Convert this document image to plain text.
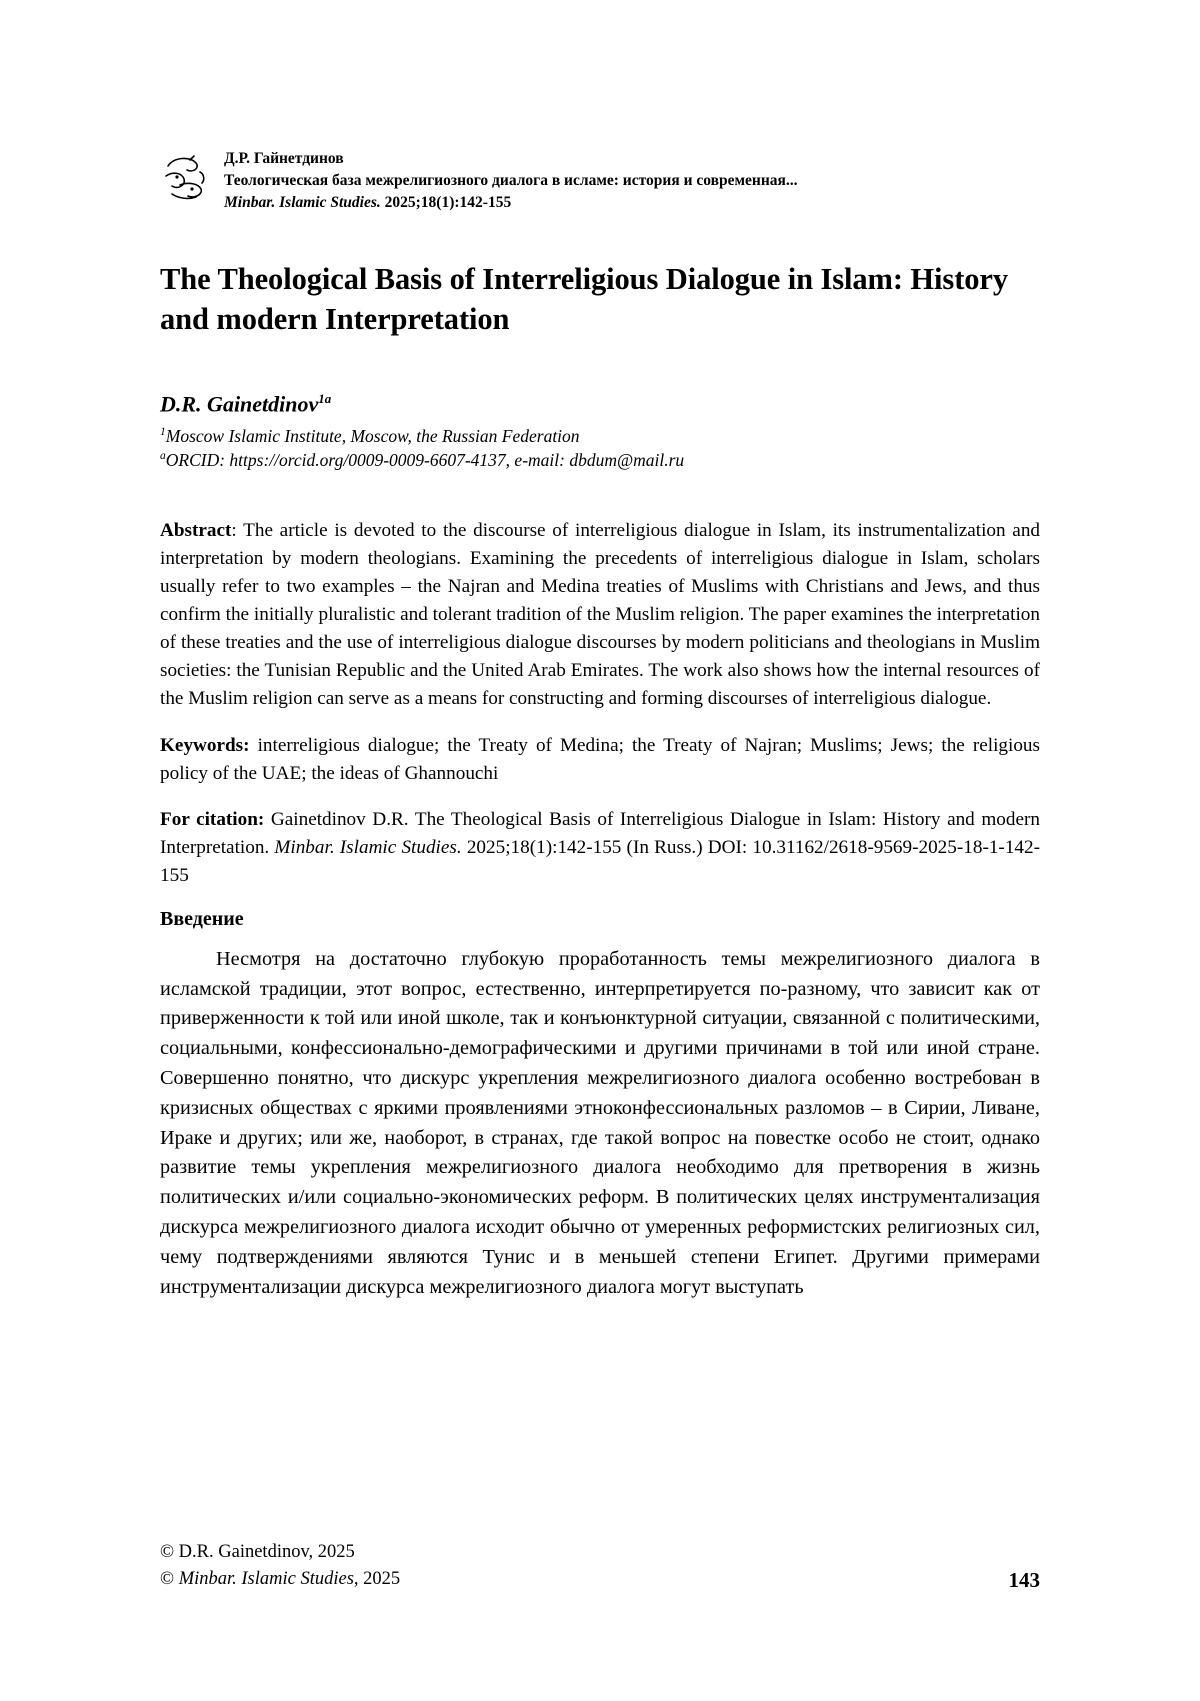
Д.Р. Гайнетдинов
Теологическая база межрелигиозного диалога в исламе: история и современная...
Minbar. Islamic Studies. 2025;18(1):142-155
The Theological Basis of Interreligious Dialogue in Islam: History and modern Interpretation
D.R. Gainetdinov$^{1a}$
$^1$Moscow Islamic Institute, Moscow, the Russian Federation
$^a$ORCID: https://orcid.org/0009-0009-6607-4137, e-mail: dbdum@mail.ru

Abstract: The article is devoted to the discourse of interreligious dialogue in Islam, its instrumentalization and interpretation by modern theologians. Examining the precedents of interreligious dialogue in Islam, scholars usually refer to two examples – the Najran and Medina treaties of Muslims with Christians and Jews, and thus confirm the initially pluralistic and tolerant tradition of the Muslim religion. The paper examines the interpretation of these treaties and the use of interreligious dialogue discourses by modern politicians and theologians in Muslim societies: the Tunisian Republic and the United Arab Emirates. The work also shows how the internal resources of the Muslim religion can serve as a means for constructing and forming discourses of interreligious dialogue.

Keywords: interreligious dialogue; the Treaty of Medina; the Treaty of Najran; Muslims; Jews; the religious policy of the UAE; the ideas of Ghannouchi

For citation: Gainetdinov D.R. The Theological Basis of Interreligious Dialogue in Islam: History and modern Interpretation. Minbar. Islamic Studies. 2025;18(1):142-155 (In Russ.) DOI: 10.31162/2618-9569-2025-18-1-142-155

Введение

Несмотря на достаточно глубокую проработанность темы межрелигиозного диалога в исламской традиции, этот вопрос, естественно, интерпретируется по-разному, что зависит как от приверженности к той или иной школе, так и конъюнктурной ситуации, связанной с политическими, социальными, конфессионально-демографическими и другими причинами в той или иной стране. Совершенно понятно, что дискурс укрепления межрелигиозного диалога особенно востребован в кризисных обществах с яркими проявлениями этноконфессиональных разломов – в Сирии, Ливане, Ираке и других; или же, наоборот, в странах, где такой вопрос на повестке особо не стоит, однако развитие темы укрепления межрелигиозного диалога необходимо для претворения в жизнь политических и/или социально-экономических реформ. В политических целях инструментализация дискурса межрелигиозного диалога исходит обычно от умеренных реформистских религиозных сил, чему подтверждениями являются Тунис и в меньшей степени Египет. Другими примерами инструментализации дискурса межрелигиозного диалога могут выступать

© D.R. Gainetdinov, 2025
© Minbar. Islamic Studies, 2025	143
